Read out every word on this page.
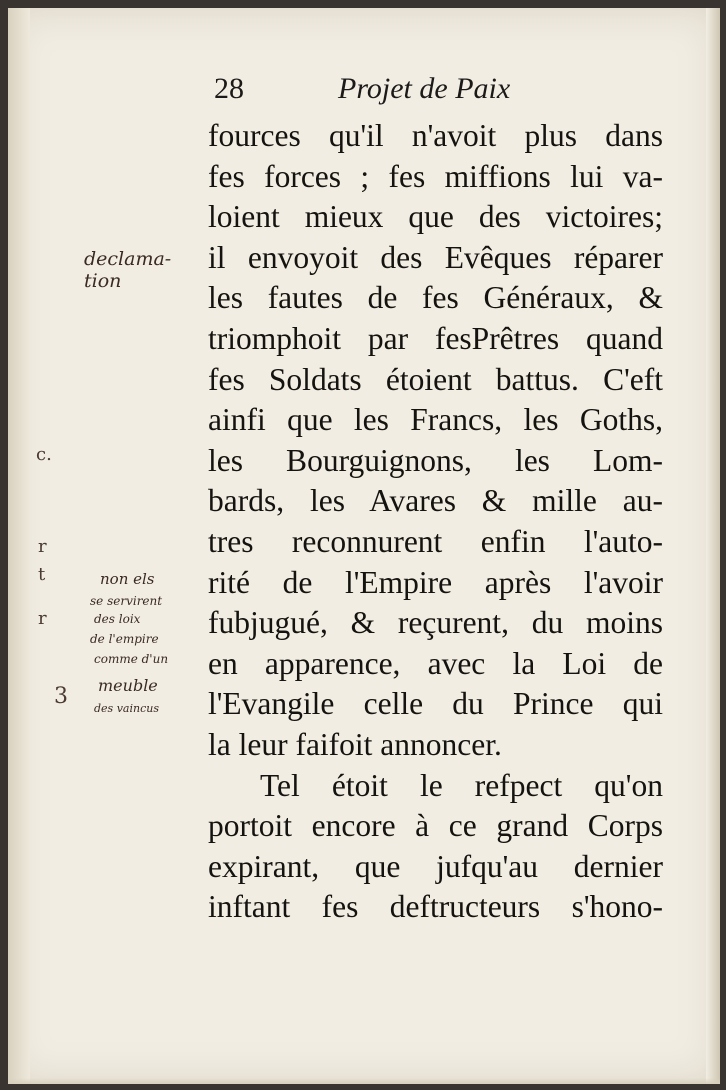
28	Projet de Paix
fources qu'il n'avoit plus dans
fes forces ; fes miffions lui va-
loient mieux que des victoires;
il envoyoit des Evêques réparer
les fautes de fes Généraux, &
triomphoit par fesPrêtres quand
fes Soldats étoient battus. C'eft
ainfi que les Francs, les Goths,
les Bourguignons, les Lom-
bards, les Avares & mille au-
tres reconnurent enfin l'auto-
rité de l'Empire après l'avoir
fubjugué, & reçurent, du moins
en apparence, avec la Loi de
l'Evangile celle du Prince qui
la leur faifoit annoncer.
Tel étoit le refpect qu'on
portoit encore à ce grand Corps
expirant, que jufqu'au dernier
inftant fes deftructeurs s'hono-
declama-
tion
non els
se servirent
des loix
de l'empire
comme d'un
meuble
des vaincus
c.
r
t
r
3
